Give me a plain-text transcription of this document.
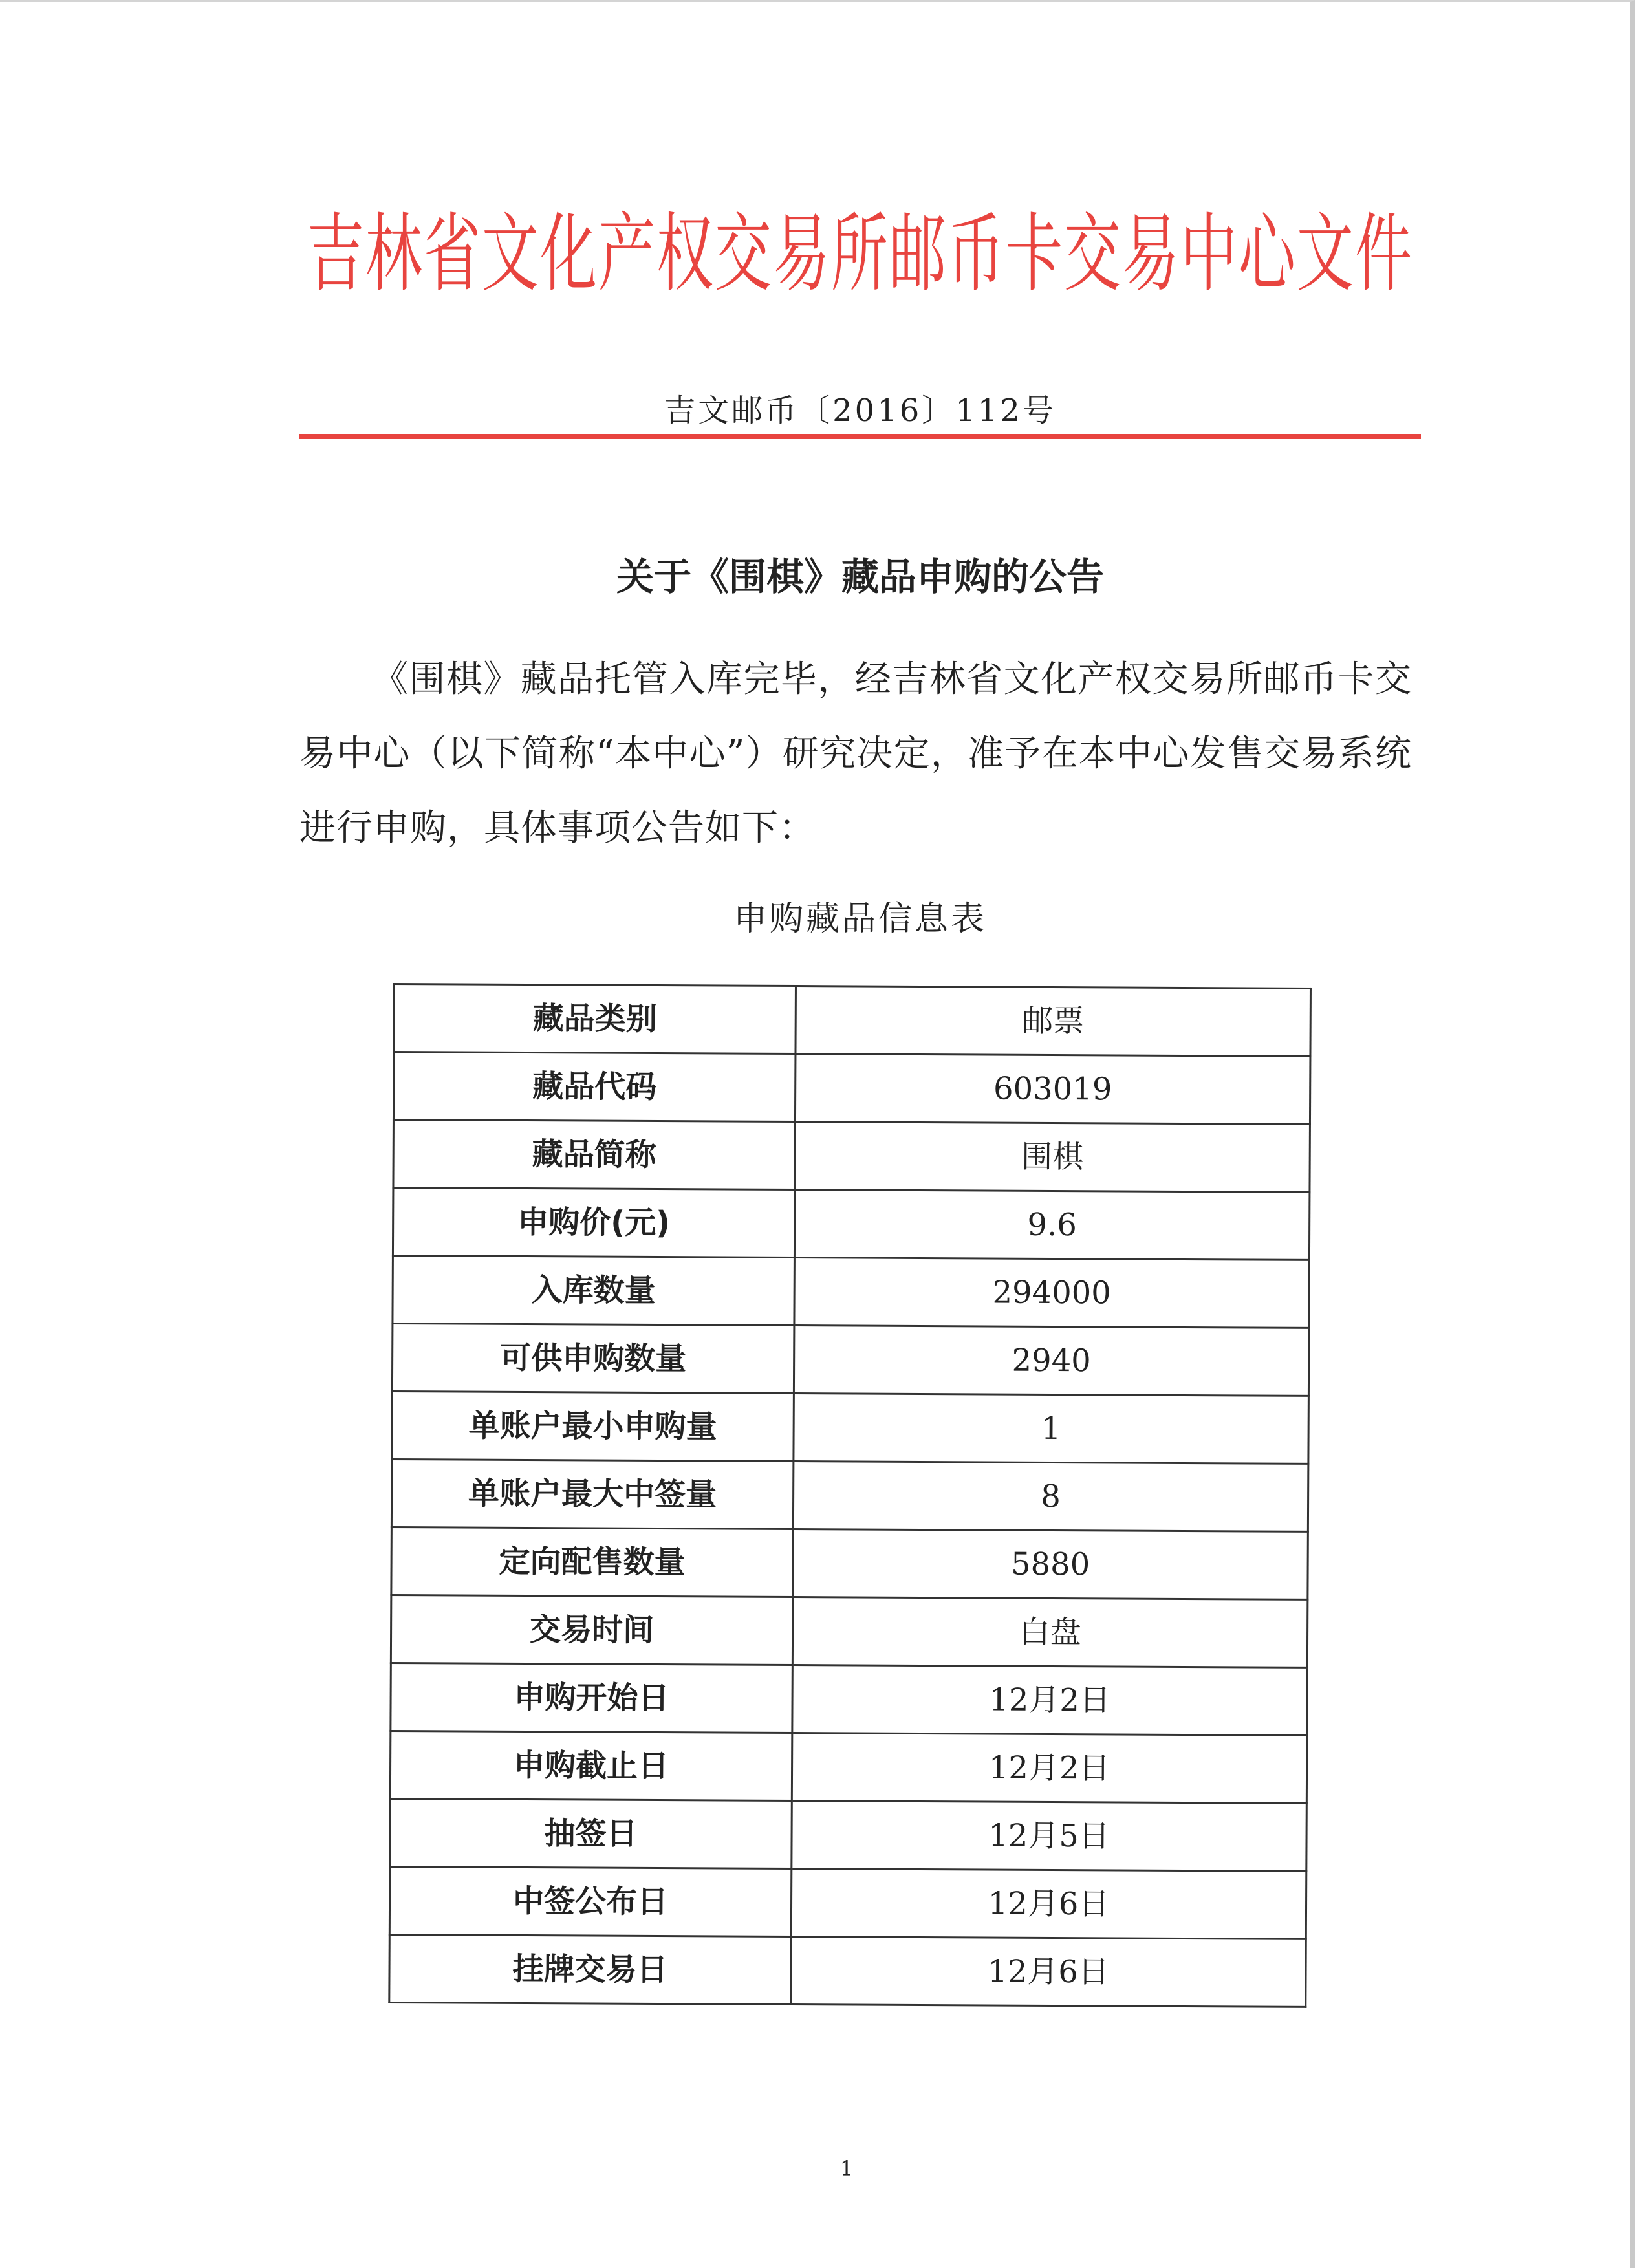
吉林省文化产权交易所邮币卡交易中心文件
吉文邮币〔2016〕112号
关于《围棋》藏品申购的公告
《围棋》藏品托管入库完毕，经吉林省文化产权交易所邮币卡交易中心（以下简称“本中心”）研究决定，准予在本中心发售交易系统进行申购，具体事项公告如下：
申购藏品信息表
藏品类别	邮票
藏品代码	603019
藏品简称	围棋
申购价(元)	9.6
入库数量	294000
可供申购数量	2940
单账户最小申购量	1
单账户最大中签量	8
定向配售数量	5880
交易时间	白盘
申购开始日	12月2日
申购截止日	12月2日
抽签日	12月5日
中签公布日	12月6日
挂牌交易日	12月6日
1
